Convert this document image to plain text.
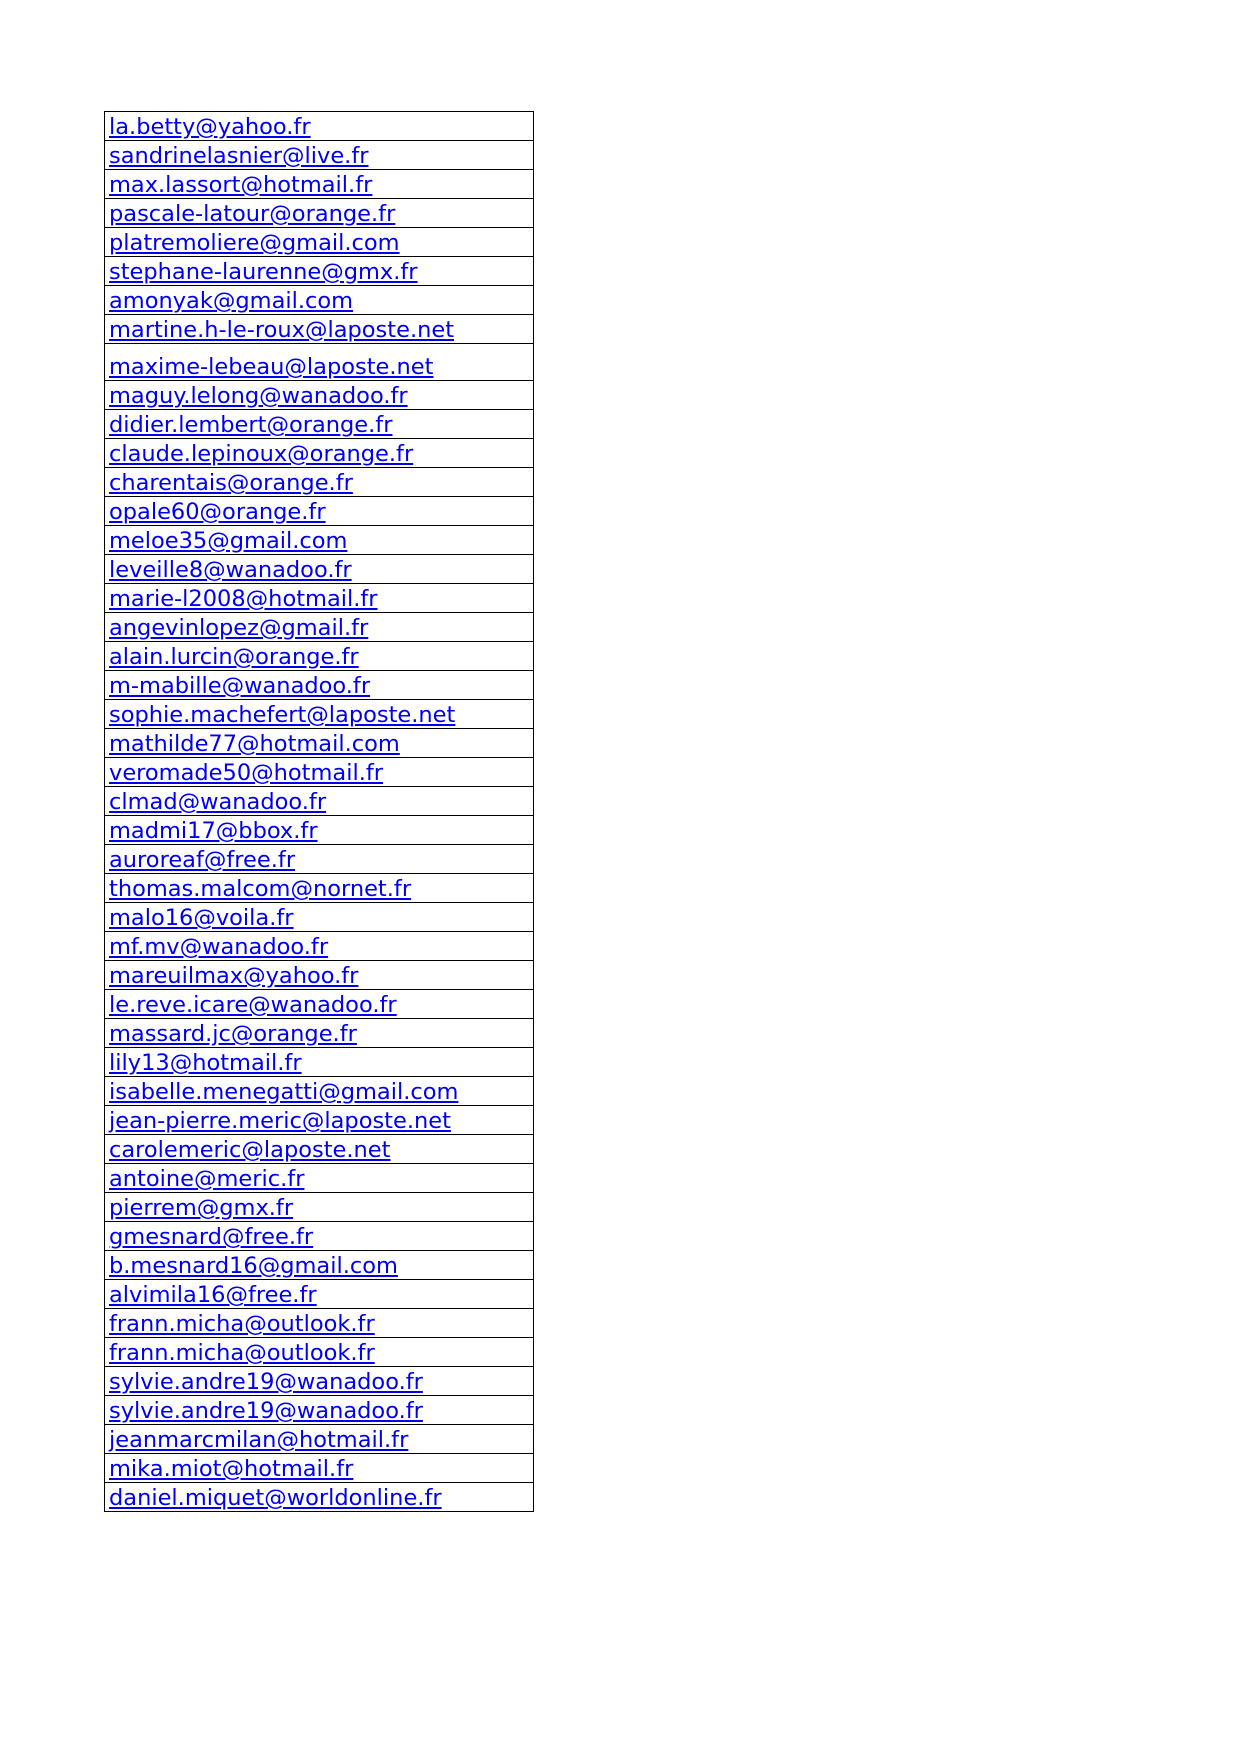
la.betty@yahoo.fr
sandrinelasnier@live.fr
max.lassort@hotmail.fr
pascale-latour@orange.fr
platremoliere@gmail.com
stephane-laurenne@gmx.fr
amonyak@gmail.com
martine.h-le-roux@laposte.net
maxime-lebeau@laposte.net
maguy.lelong@wanadoo.fr
didier.lembert@orange.fr
claude.lepinoux@orange.fr
charentais@orange.fr
opale60@orange.fr
meloe35@gmail.com
leveille8@wanadoo.fr
marie-l2008@hotmail.fr
angevinlopez@gmail.fr
alain.lurcin@orange.fr
m-mabille@wanadoo.fr
sophie.machefert@laposte.net
mathilde77@hotmail.com
veromade50@hotmail.fr
clmad@wanadoo.fr
madmi17@bbox.fr
auroreaf@free.fr
thomas.malcom@nornet.fr
malo16@voila.fr
mf.mv@wanadoo.fr
mareuilmax@yahoo.fr
le.reve.icare@wanadoo.fr
massard.jc@orange.fr
lily13@hotmail.fr
isabelle.menegatti@gmail.com
jean-pierre.meric@laposte.net
carolemeric@laposte.net
antoine@meric.fr
pierrem@gmx.fr
gmesnard@free.fr
b.mesnard16@gmail.com
alvimila16@free.fr
frann.micha@outlook.fr
frann.micha@outlook.fr
sylvie.andre19@wanadoo.fr
sylvie.andre19@wanadoo.fr
jeanmarcmilan@hotmail.fr
mika.miot@hotmail.fr
daniel.miquet@worldonline.fr
